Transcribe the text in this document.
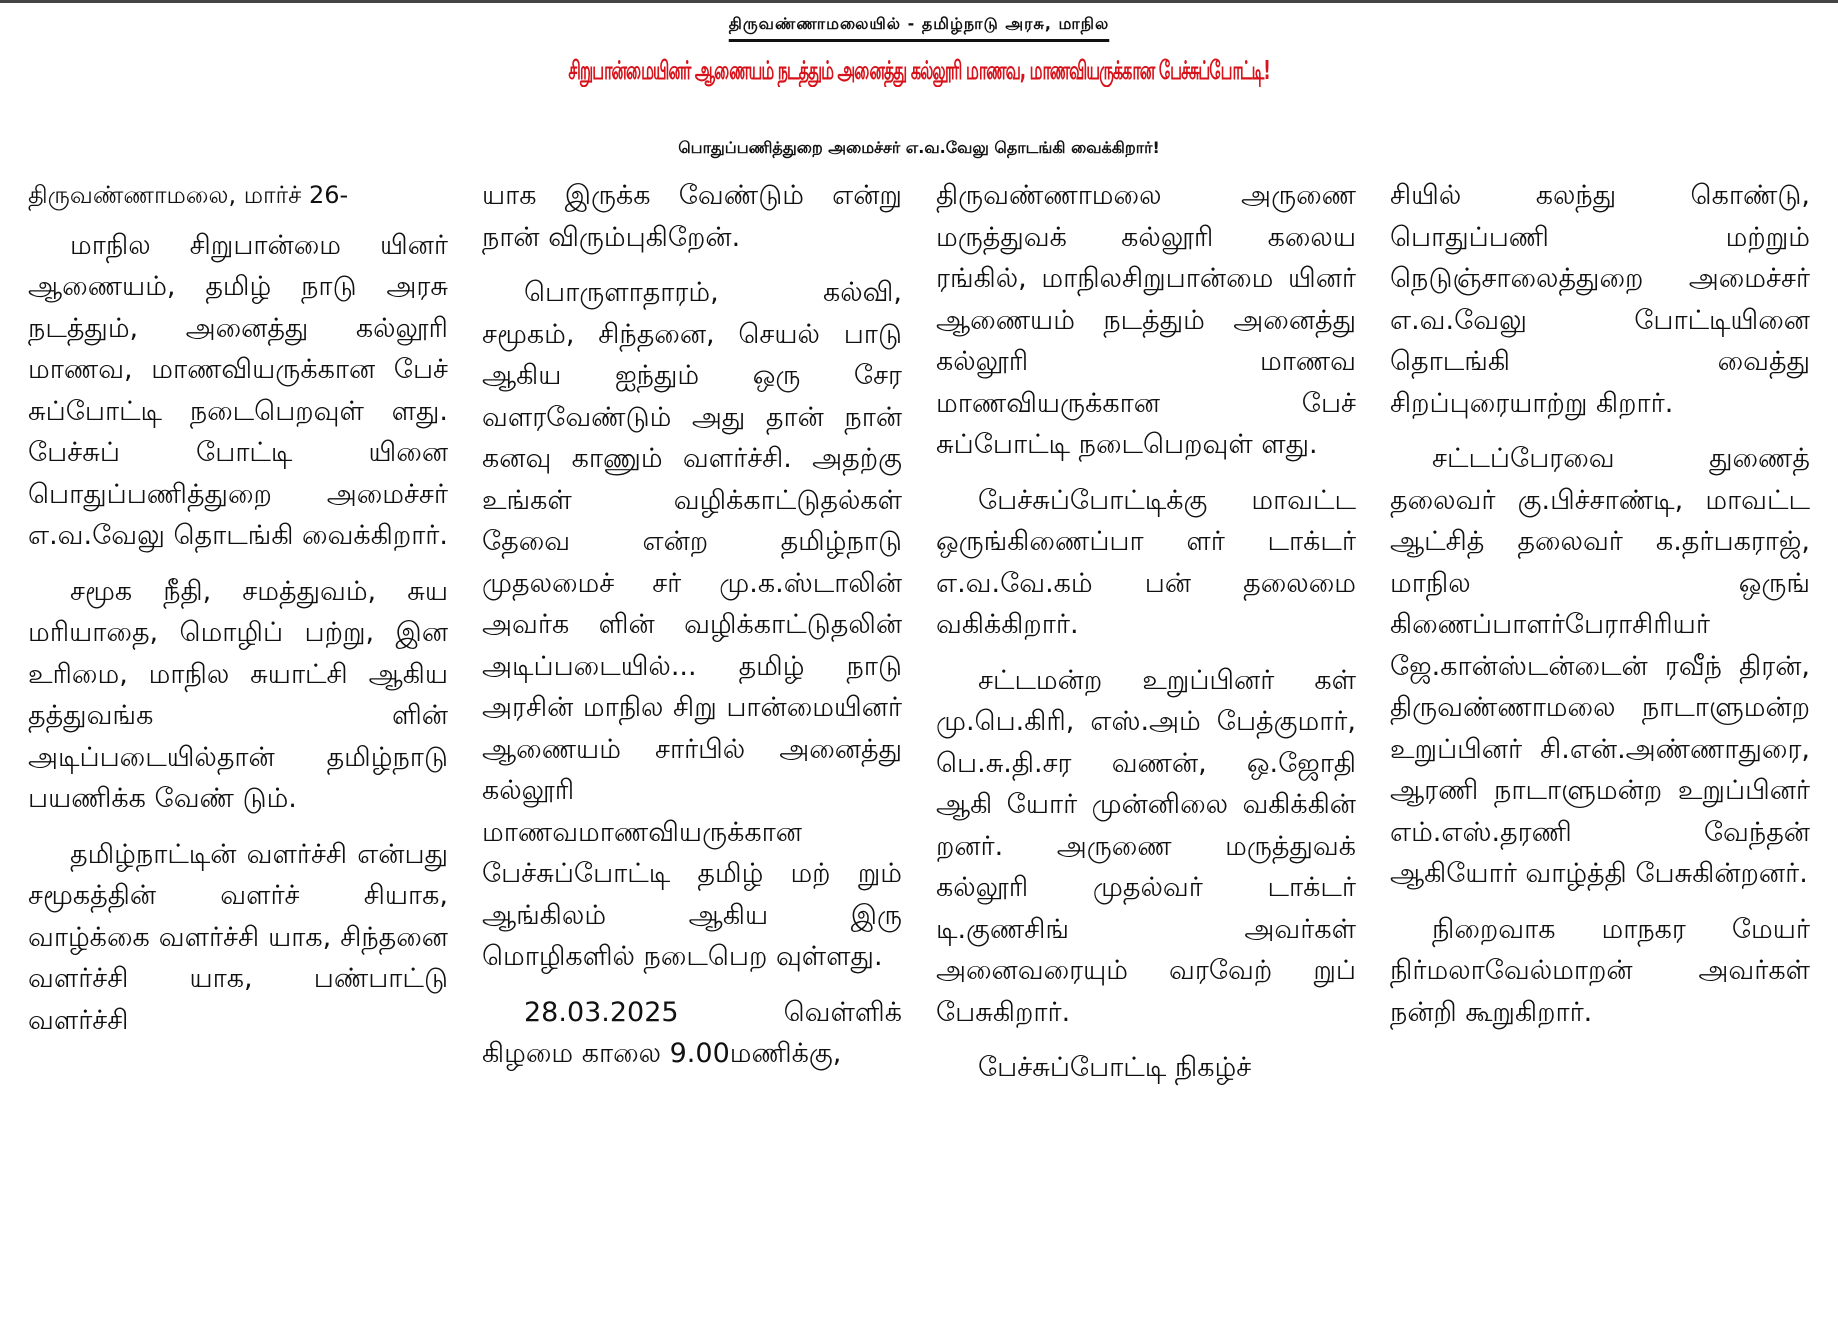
திருவண்ணாமலையில் - தமிழ்நாடு அரசு, மாநில
சிறுபான்மையினர் ஆணையம் நடத்தும் அனைத்து கல்லூரி மாணவ, மாணவியருக்கான பேச்சுப்போட்டி!
பொதுப்பணித்துறை அமைச்சர் எ.வ.வேலு தொடங்கி வைக்கிறார்!

திருவண்ணாமலை, மார்ச் 26-

மாநில சிறுபான்மை யினர் ஆணையம், தமிழ் நாடு அரசு நடத்தும், அனைத்து கல்லூரி மாணவ, மாணவியருக்கான பேச் சுப்போட்டி நடைபெறவுள் ளது. பேச்சுப் போட்டி யினை பொதுப்பணித்துறை அமைச்சர் எ.வ.வேலு தொடங்கி வைக்கிறார்.

சமூக நீதி, சமத்துவம், சுய மரியாதை, மொழிப் பற்று, இன உரிமை, மாநில சுயாட்சி ஆகிய தத்துவங்க ளின் அடிப்படையில்தான் தமிழ்நாடு பயணிக்க வேண் டும்.

தமிழ்நாட்டின் வளர்ச்சி என்பது சமூகத்தின் வளர்ச் சியாக, வாழ்க்கை வளர்ச்சி யாக, சிந்தனை வளர்ச்சி யாக, பண்பாட்டு வளர்ச்சி

யாக இருக்க வேண்டும் என்று நான் விரும்புகிறேன்.

பொருளாதாரம், கல்வி, சமூகம், சிந்தனை, செயல் பாடு ஆகிய ஐந்தும் ஒரு சேர வளரவேண்டும் அது தான் நான் கனவு காணும் வளர்ச்சி. அதற்கு உங்கள் வழிக்காட்டுதல்கள் தேவை என்ற தமிழ்நாடு முதலமைச் சர் மு.க.ஸ்டாலின் அவர்க ளின் வழிக்காட்டுதலின் அடிப்படையில்... தமிழ் நாடு அரசின் மாநில சிறு பான்மையினர் ஆணையம் சார்பில் அனைத்து கல்லூரி மாணவமாணவியருக்கான பேச்சுப்போட்டி தமிழ் மற் றும் ஆங்கிலம் ஆகிய இரு மொழிகளில் நடைபெற வுள்ளது.

28.03.2025 வெள்ளிக் கிழமை காலை 9.00மணிக்கு,

திருவண்ணாமலை அருணை மருத்துவக் கல்லூரி கலைய ரங்கில், மாநிலசிறுபான்மை யினர் ஆணையம் நடத்தும் அனைத்து கல்லூரி மாணவ மாணவியருக்கான பேச் சுப்போட்டி நடைபெறவுள் ளது.

பேச்சுப்போட்டிக்கு மாவட்ட ஒருங்கிணைப்பா ளர் டாக்டர் எ.வ.வே.கம் பன் தலைமை வகிக்கிறார்.

சட்டமன்ற உறுப்பினர் கள் மு.பெ.கிரி, எஸ்.அம் பேத்குமார், பெ.சு.தி.சர வணன், ஒ.ஜோதி ஆகி யோர் முன்னிலை வகிக்கின் றனர். அருணை மருத்துவக் கல்லூரி முதல்வர் டாக்டர் டி.குணசிங் அவர்கள் அனைவரையும் வரவேற் றுப் பேசுகிறார்.

பேச்சுப்போட்டி நிகழ்ச்

சியில் கலந்து கொண்டு, பொதுப்பணி மற்றும் நெடுஞ்சாலைத்துறை அமைச்சர் எ.வ.வேலு போட்டியினை தொடங்கி வைத்து சிறப்புரையாற்று கிறார்.

சட்டப்பேரவை துணைத் தலைவர் கு.பிச்சாண்டி, மாவட்ட ஆட்சித் தலைவர் க.தர்பகராஜ், மாநில ஒருங் கிணைப்பாளர்பேராசிரியர் ஜே.கான்ஸ்டன்டைன் ரவீந் திரன், திருவண்ணாமலை நாடாளுமன்ற உறுப்பினர் சி.என்.அண்ணாதுரை, ஆரணி நாடாளுமன்ற உறுப்பினர் எம்.எஸ்.தரணி வேந்தன் ஆகியோர் வாழ்த்தி பேசுகின்றனர்.

நிறைவாக மாநகர மேயர் நிர்மலாவேல்மாறன் அவர்கள் நன்றி கூறுகிறார்.
